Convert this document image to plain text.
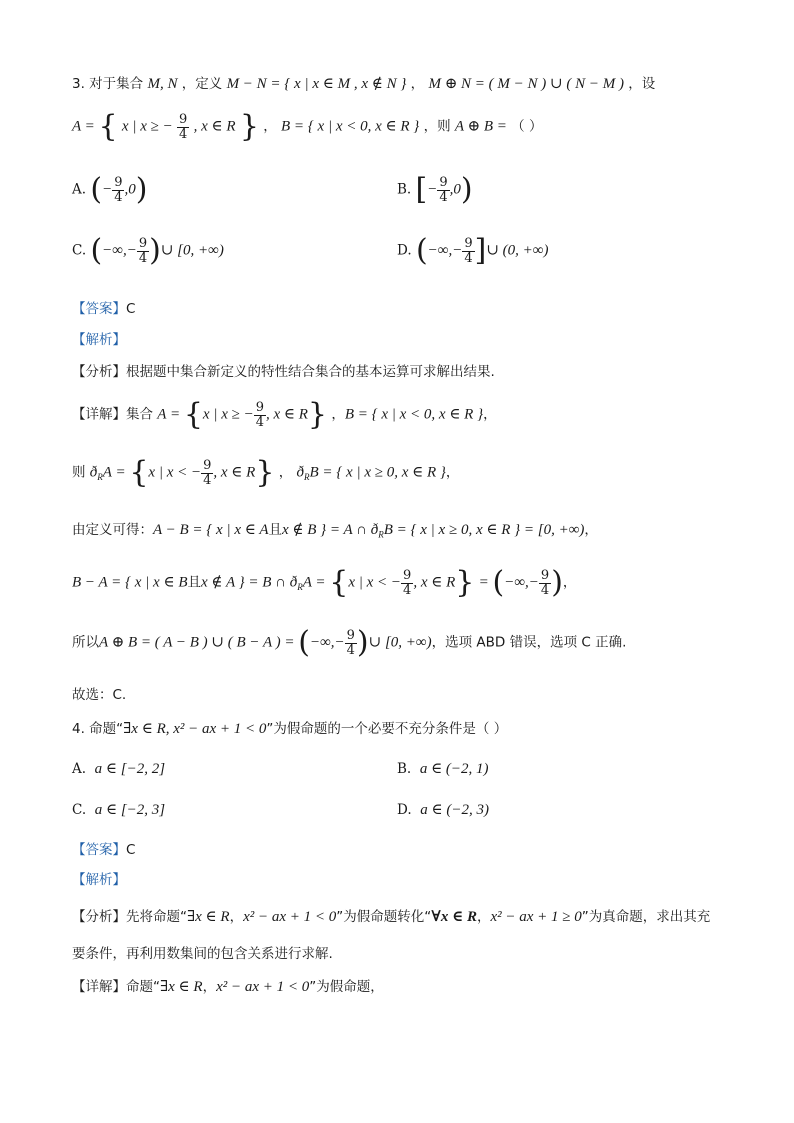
3. 对于集合 M, N ，定义 M − N = { x | x ∈ M , x ∉ N } ， M ⊕ N = ( M − N ) ∪ ( N − M ) ，设
A = { x | x ≥ − $\frac{9}{4}$ , x ∈ R } ， B = { x | x < 0, x ∈ R } ，则 A ⊕ B = （ ）
A. (− $\frac{9}{4} ,0$)	B. [− $\frac{9}{4} ,0$)
C. (−∞,− $\frac{9}{4}$ )∪ [0, +∞)	D. (−∞,− $\frac{9}{4}$ ]∪ (0, +∞)
【答案】C
【解析】
【分析】根据题中集合新定义的特性结合集合的基本运算可求解出结果.
【详解】集合 A = {x | x ≥ − $\frac{9}{4}$ , x ∈ R} ，B = { x | x < 0, x ∈ R }，
则 $ð_RA = \{x$ | x < − $\frac{9}{4}$ , x ∈ R} ， $ð_RB$ = { x | x ≥ 0, x ∈ R }，
由定义可得：A − B = { x | x ∈ A且x ∉ B } = A ∩ $ð_RB$ = { x | x ≥ 0, x ∈ R } = [0, +∞)，
B − A = { x | x ∈ B且x ∉ A } = B ∩ $ð_RA = \{x$ | x < − $\frac{9}{4}$ , x ∈ R} = (−∞,− $\frac{9}{4}$ )，
所以A ⊕ B = ( A − B ) ∪ ( B − A ) = (−∞,− $\frac{9}{4}$ )∪ [0, +∞)，选项 ABD 错误，选项 C 正确.
故选：C.
4. 命题“∃x ∈ R, x² − ax + 1 < 0”为假命题的一个必要不充分条件是（ ）
A. a ∈ [−2, 2]	B. a ∈ (−2, 1)
C. a ∈ [−2, 3]	D. a ∈ (−2, 3)
【答案】C
【解析】
【分析】先将命题“∃x ∈ R，x² − ax + 1 < 0”为假命题转化“∀x ∈ R，x² − ax + 1 ≥ 0”为真命题，求出其充
要条件，再利用数集间的包含关系进行求解.
【详解】命题“∃x ∈ R，x² − ax + 1 < 0”为假命题，
